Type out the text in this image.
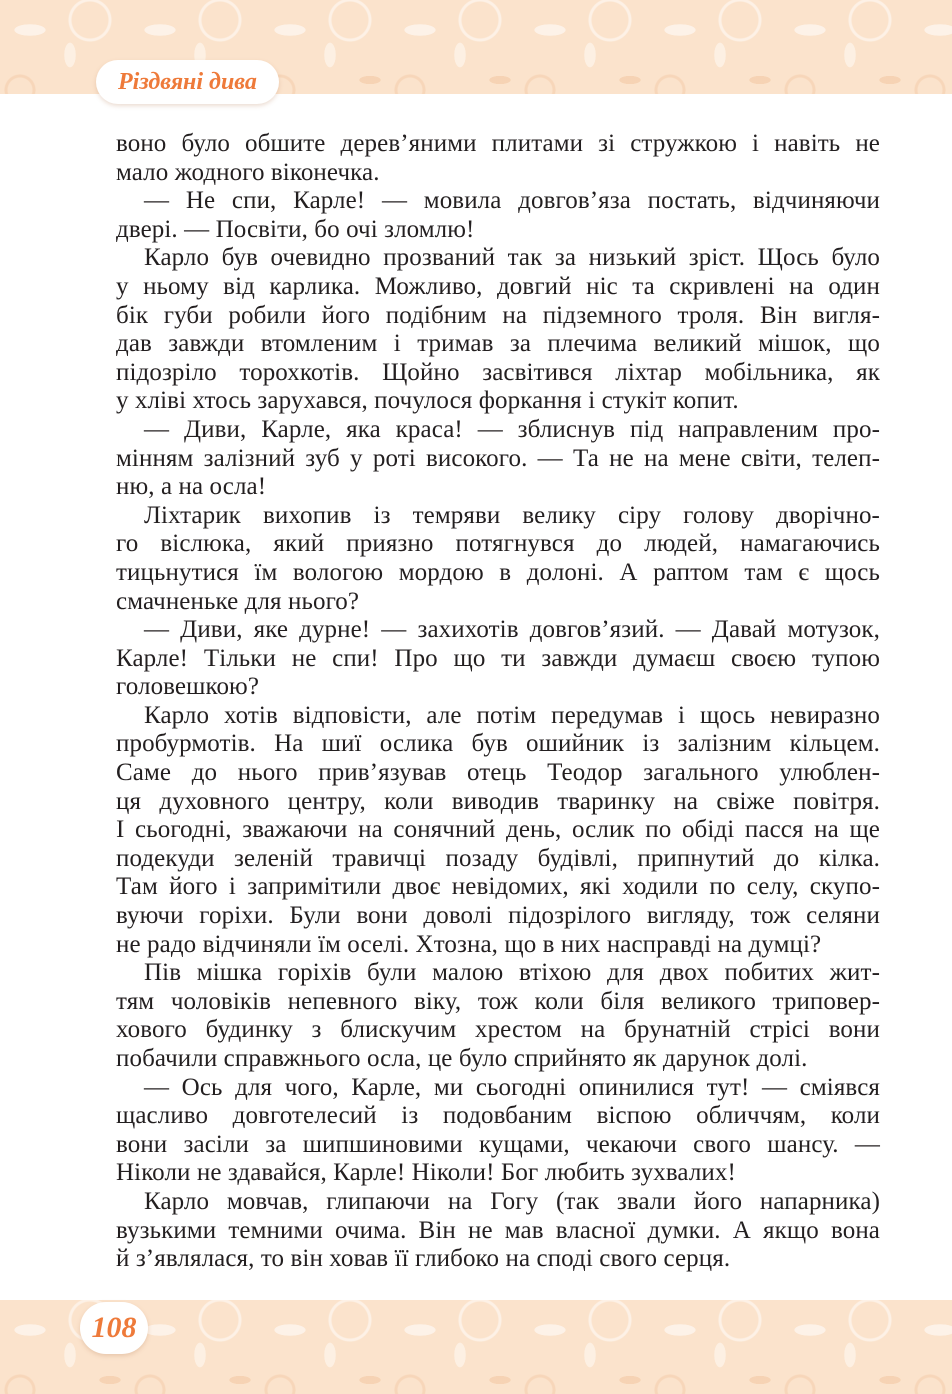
Різдвяні дива
воно було обшите дерев’яними плитами зі стружкою і навіть не
мало жодного віконечка.
— Не спи, Карле! — мовила довгов’яза постать, відчиняючи
двері. — Посвіти, бо очі зломлю!
Карло був очевидно прозваний так за низький зріст. Щось було
у ньому від карлика. Можливо, довгий ніс та скривлені на один
бік губи робили його подібним на підземного троля. Він вигля-
дав завжди втомленим і тримав за плечима великий мішок, що
підозріло торохкотів. Щойно засвітився ліхтар мобільника, як
у хліві хтось зарухався, почулося форкання і стукіт копит.
— Диви, Карле, яка краса! — зблиснув під направленим про-
мінням залізний зуб у роті високого. — Та не на мене світи, телеп-
ню, а на осла!
Ліхтарик вихопив із темряви велику сіру голову дворічно-
го віслюка, який приязно потягнувся до людей, намагаючись
тицьнутися їм вологою мордою в долоні. А раптом там є щось
смачненьке для нього?
— Диви, яке дурне! — захихотів довгов’язий. — Давай мотузок,
Карле! Тільки не спи! Про що ти завжди думаєш своєю тупою
головешкою?
Карло хотів відповісти, але потім передумав і щось невиразно
пробурмотів. На шиї ослика був ошийник із залізним кільцем.
Саме до нього прив’язував отець Теодор загального улюблен-
ця духовного центру, коли виводив тваринку на свіже повітря.
І сьогодні, зважаючи на сонячний день, ослик по обіді пасся на ще
подекуди зеленій травичці позаду будівлі, припнутий до кілка.
Там його і запримітили двоє невідомих, які ходили по селу, скупо-
вуючи горіхи. Були вони доволі підозрілого вигляду, тож селяни
не радо відчиняли їм оселі. Хтозна, що в них насправді на думці?
Пів мішка горіхів були малою втіхою для двох побитих жит-
тям чоловіків непевного віку, тож коли біля великого триповер-
хового будинку з блискучим хрестом на брунатній стрісі вони
побачили справжнього осла, це було сприйнято як дарунок долі.
— Ось для чого, Карле, ми сьогодні опинилися тут! — сміявся
щасливо довготелесий із подовбаним віспою обличчям, коли
вони засіли за шипшиновими кущами, чекаючи свого шансу. —
Ніколи не здавайся, Карле! Ніколи! Бог любить зухвалих!
Карло мовчав, глипаючи на Гогу (так звали його напарника)
вузькими темними очима. Він не мав власної думки. А якщо вона
й з’являлася, то він ховав її глибоко на споді свого серця.
108
